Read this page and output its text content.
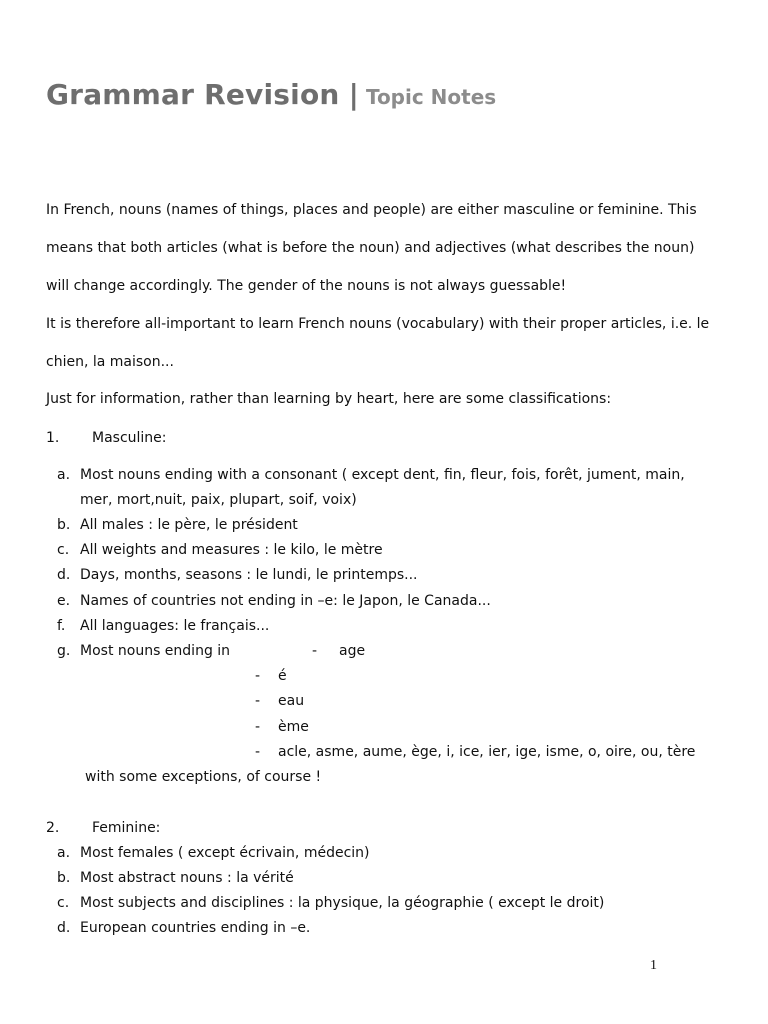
Grammar Revision | Topic Notes
In French, nouns (names of things, places and people) are either masculine or feminine. This
means that both articles (what is before the noun) and adjectives (what describes the noun)
will change accordingly. The gender of the nouns is not always guessable!
It is therefore all-important to learn French nouns (vocabulary) with their proper articles, i.e. le
chien, la maison...
Just for information, rather than learning by heart, here are some classifications:
1. Masculine:
a. Most nouns ending with a consonant ( except dent, fin, fleur, fois, forêt, jument, main,
mer, mort,nuit, paix, plupart, soif, voix)
b. All males : le père, le président
c. All weights and measures : le kilo, le mètre
d. Days, months, seasons : le lundi, le printemps...
e. Names of countries not ending in –e: le Japon, le Canada...
f. All languages: le français...
g. Most nouns ending in	- age
- é
- eau
- ème
- acle, asme, aume, ège, i, ice, ier, ige, isme, o, oire, ou, tère
with some exceptions, of course !
2. Feminine:
a. Most females ( except écrivain, médecin)
b. Most abstract nouns : la vérité
c. Most subjects and disciplines : la physique, la géographie ( except le droit)
d. European countries ending in –e.
1
